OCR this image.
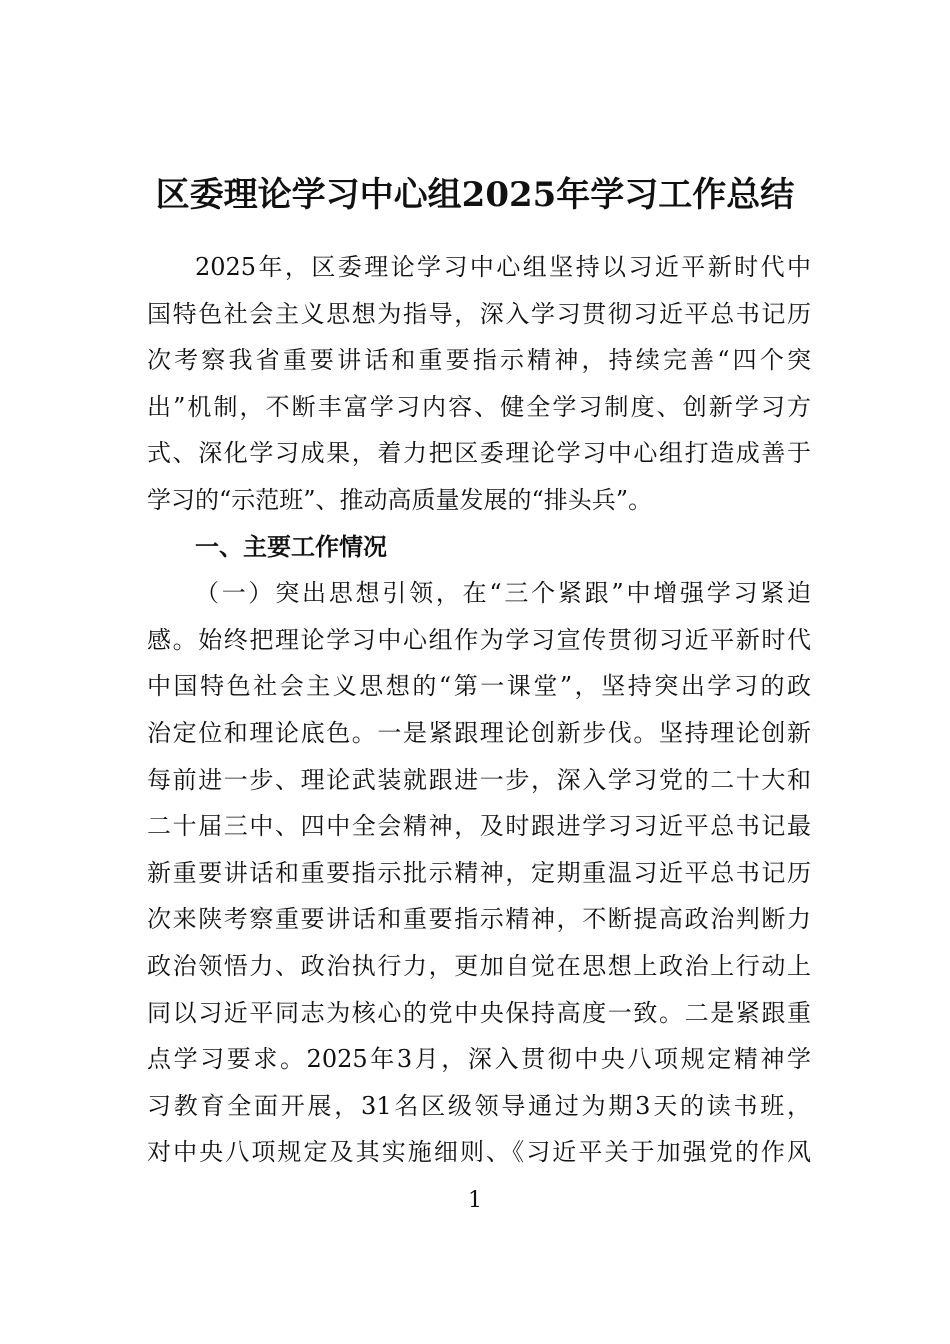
区委理论学习中心组2025年学习工作总结
2025年，区委理论学习中心组坚持以习近平新时代中
国特色社会主义思想为指导，深入学习贯彻习近平总书记历
次考察我省重要讲话和重要指示精神，持续完善“四个突
出”机制，不断丰富学习内容、健全学习制度、创新学习方
式、深化学习成果，着力把区委理论学习中心组打造成善于
学习的“示范班”、推动高质量发展的“排头兵”。
一、主要工作情况
（一）突出思想引领，在“三个紧跟”中增强学习紧迫
感。始终把理论学习中心组作为学习宣传贯彻习近平新时代
中国特色社会主义思想的“第一课堂”，坚持突出学习的政
治定位和理论底色。一是紧跟理论创新步伐。坚持理论创新
每前进一步、理论武装就跟进一步，深入学习党的二十大和
二十届三中、四中全会精神，及时跟进学习习近平总书记最
新重要讲话和重要指示批示精神，定期重温习近平总书记历
次来陕考察重要讲话和重要指示精神，不断提高政治判断力
政治领悟力、政治执行力，更加自觉在思想上政治上行动上
同以习近平同志为核心的党中央保持高度一致。二是紧跟重
点学习要求。2025年3月，深入贯彻中央八项规定精神学
习教育全面开展，31名区级领导通过为期3天的读书班，
对中央八项规定及其实施细则、《习近平关于加强党的作风
1
